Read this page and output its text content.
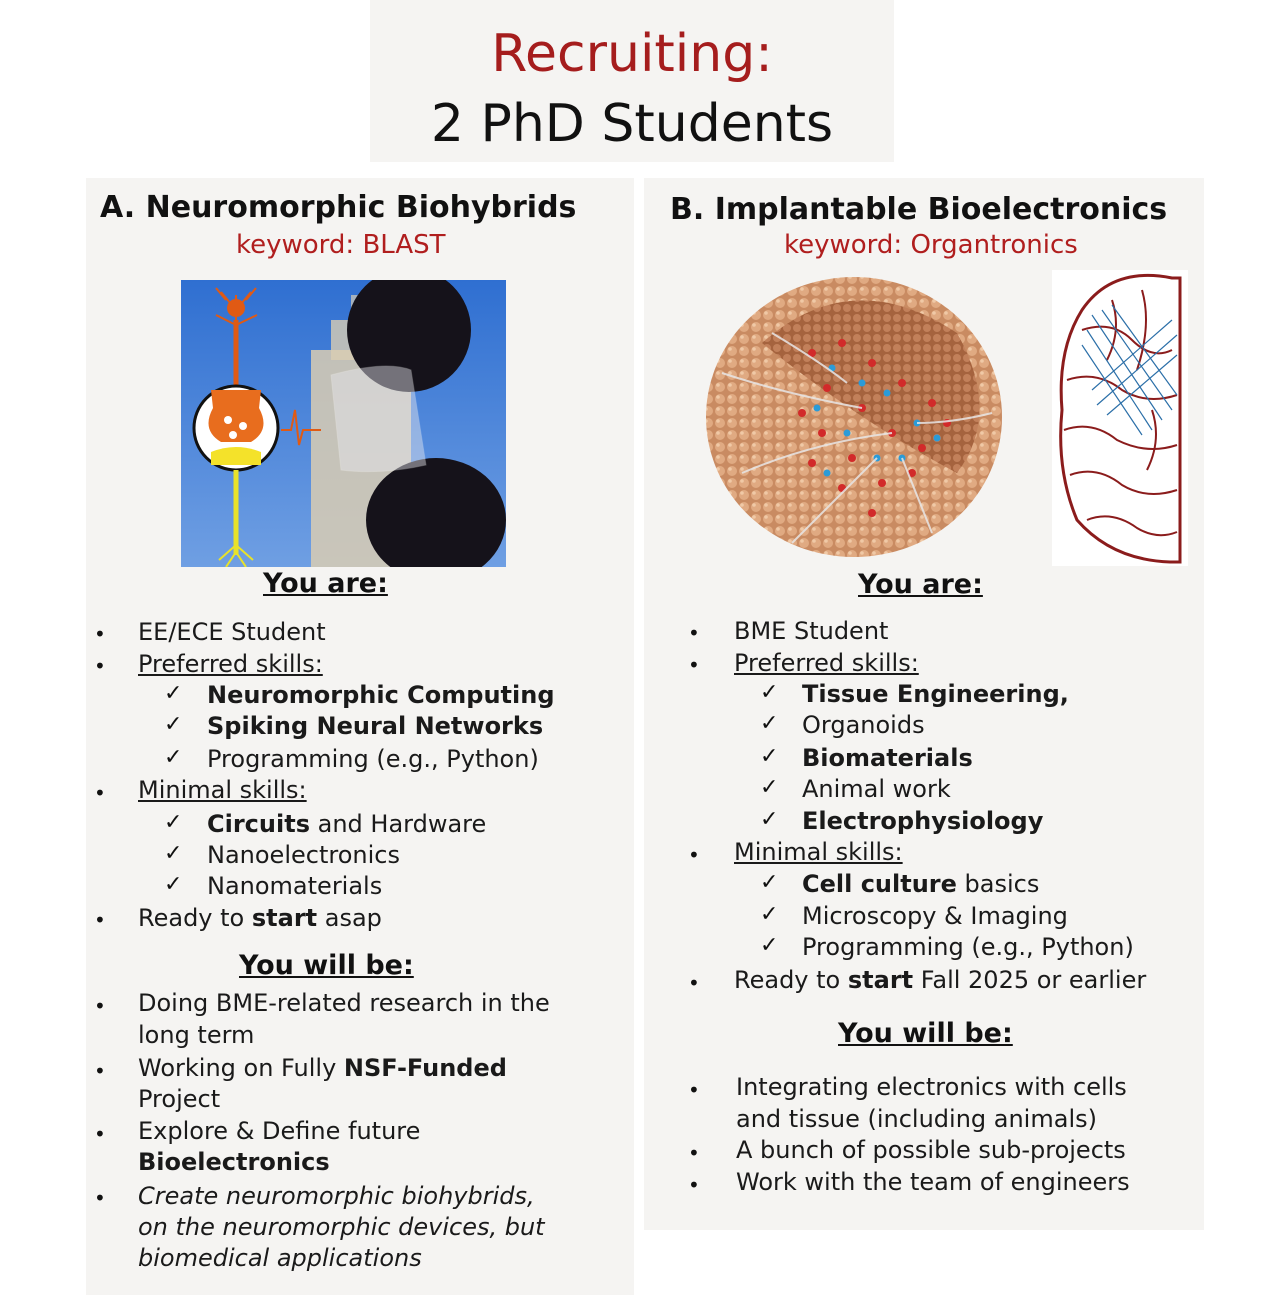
Recruiting:
2 PhD Students
A. Neuromorphic Biohybrids
keyword: BLAST
You are:
• EE/ECE Student
• Preferred skills:
✓ Neuromorphic Computing
✓ Spiking Neural Networks
✓ Programming (e.g., Python)
• Minimal skills:
✓ Circuits and Hardware
✓ Nanoelectronics
✓ Nanomaterials
• Ready to start asap
You will be:
• Doing BME-related research in the
long term
• Working on Fully NSF-Funded
Project
• Explore & Define future
Bioelectronics
• Create neuromorphic biohybrids,
on the neuromorphic devices, but
biomedical applications
B. Implantable Bioelectronics
keyword: Organtronics
You are:
• BME Student
• Preferred skills:
✓ Tissue Engineering,
✓ Organoids
✓ Biomaterials
✓ Animal work
✓ Electrophysiology
• Minimal skills:
✓ Cell culture basics
✓ Microscopy & Imaging
✓ Programming (e.g., Python)
• Ready to start Fall 2025 or earlier
You will be:
• Integrating electronics with cells
and tissue (including animals)
• A bunch of possible sub-projects
• Work with the team of engineers
